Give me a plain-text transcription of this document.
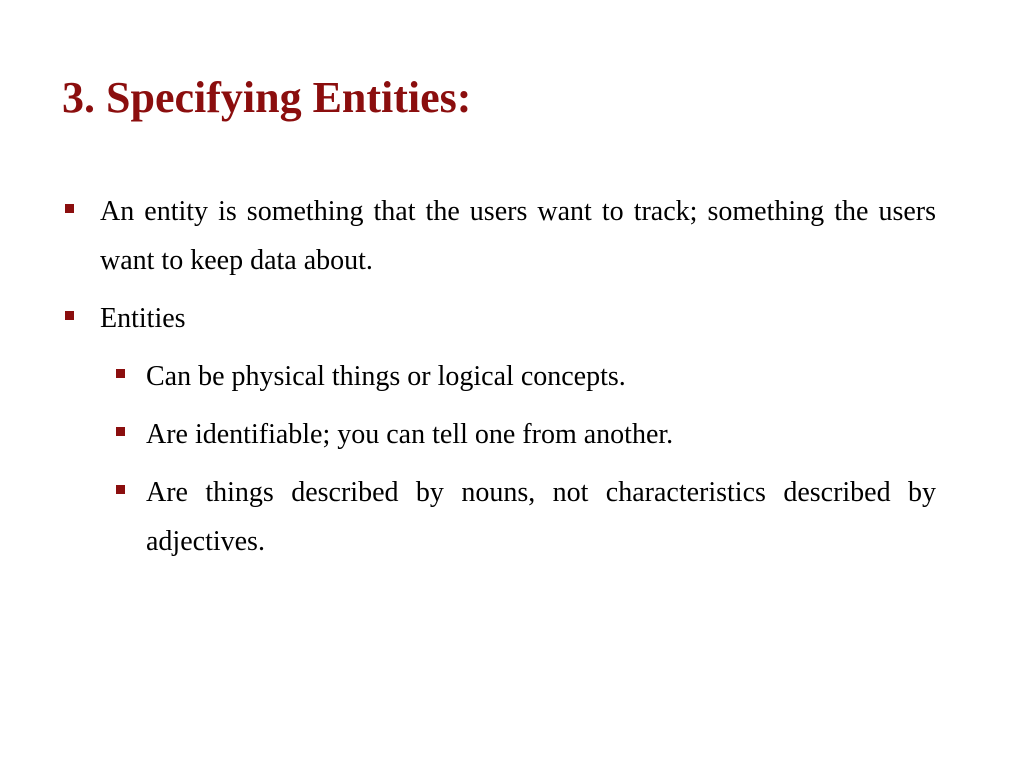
3. Specifying Entities:
An entity is something that the users want to track; something the users want to keep data about.
Entities
Can be physical things or logical concepts.
Are identifiable; you can tell one from another.
Are things described by nouns, not characteristics described by adjectives.
